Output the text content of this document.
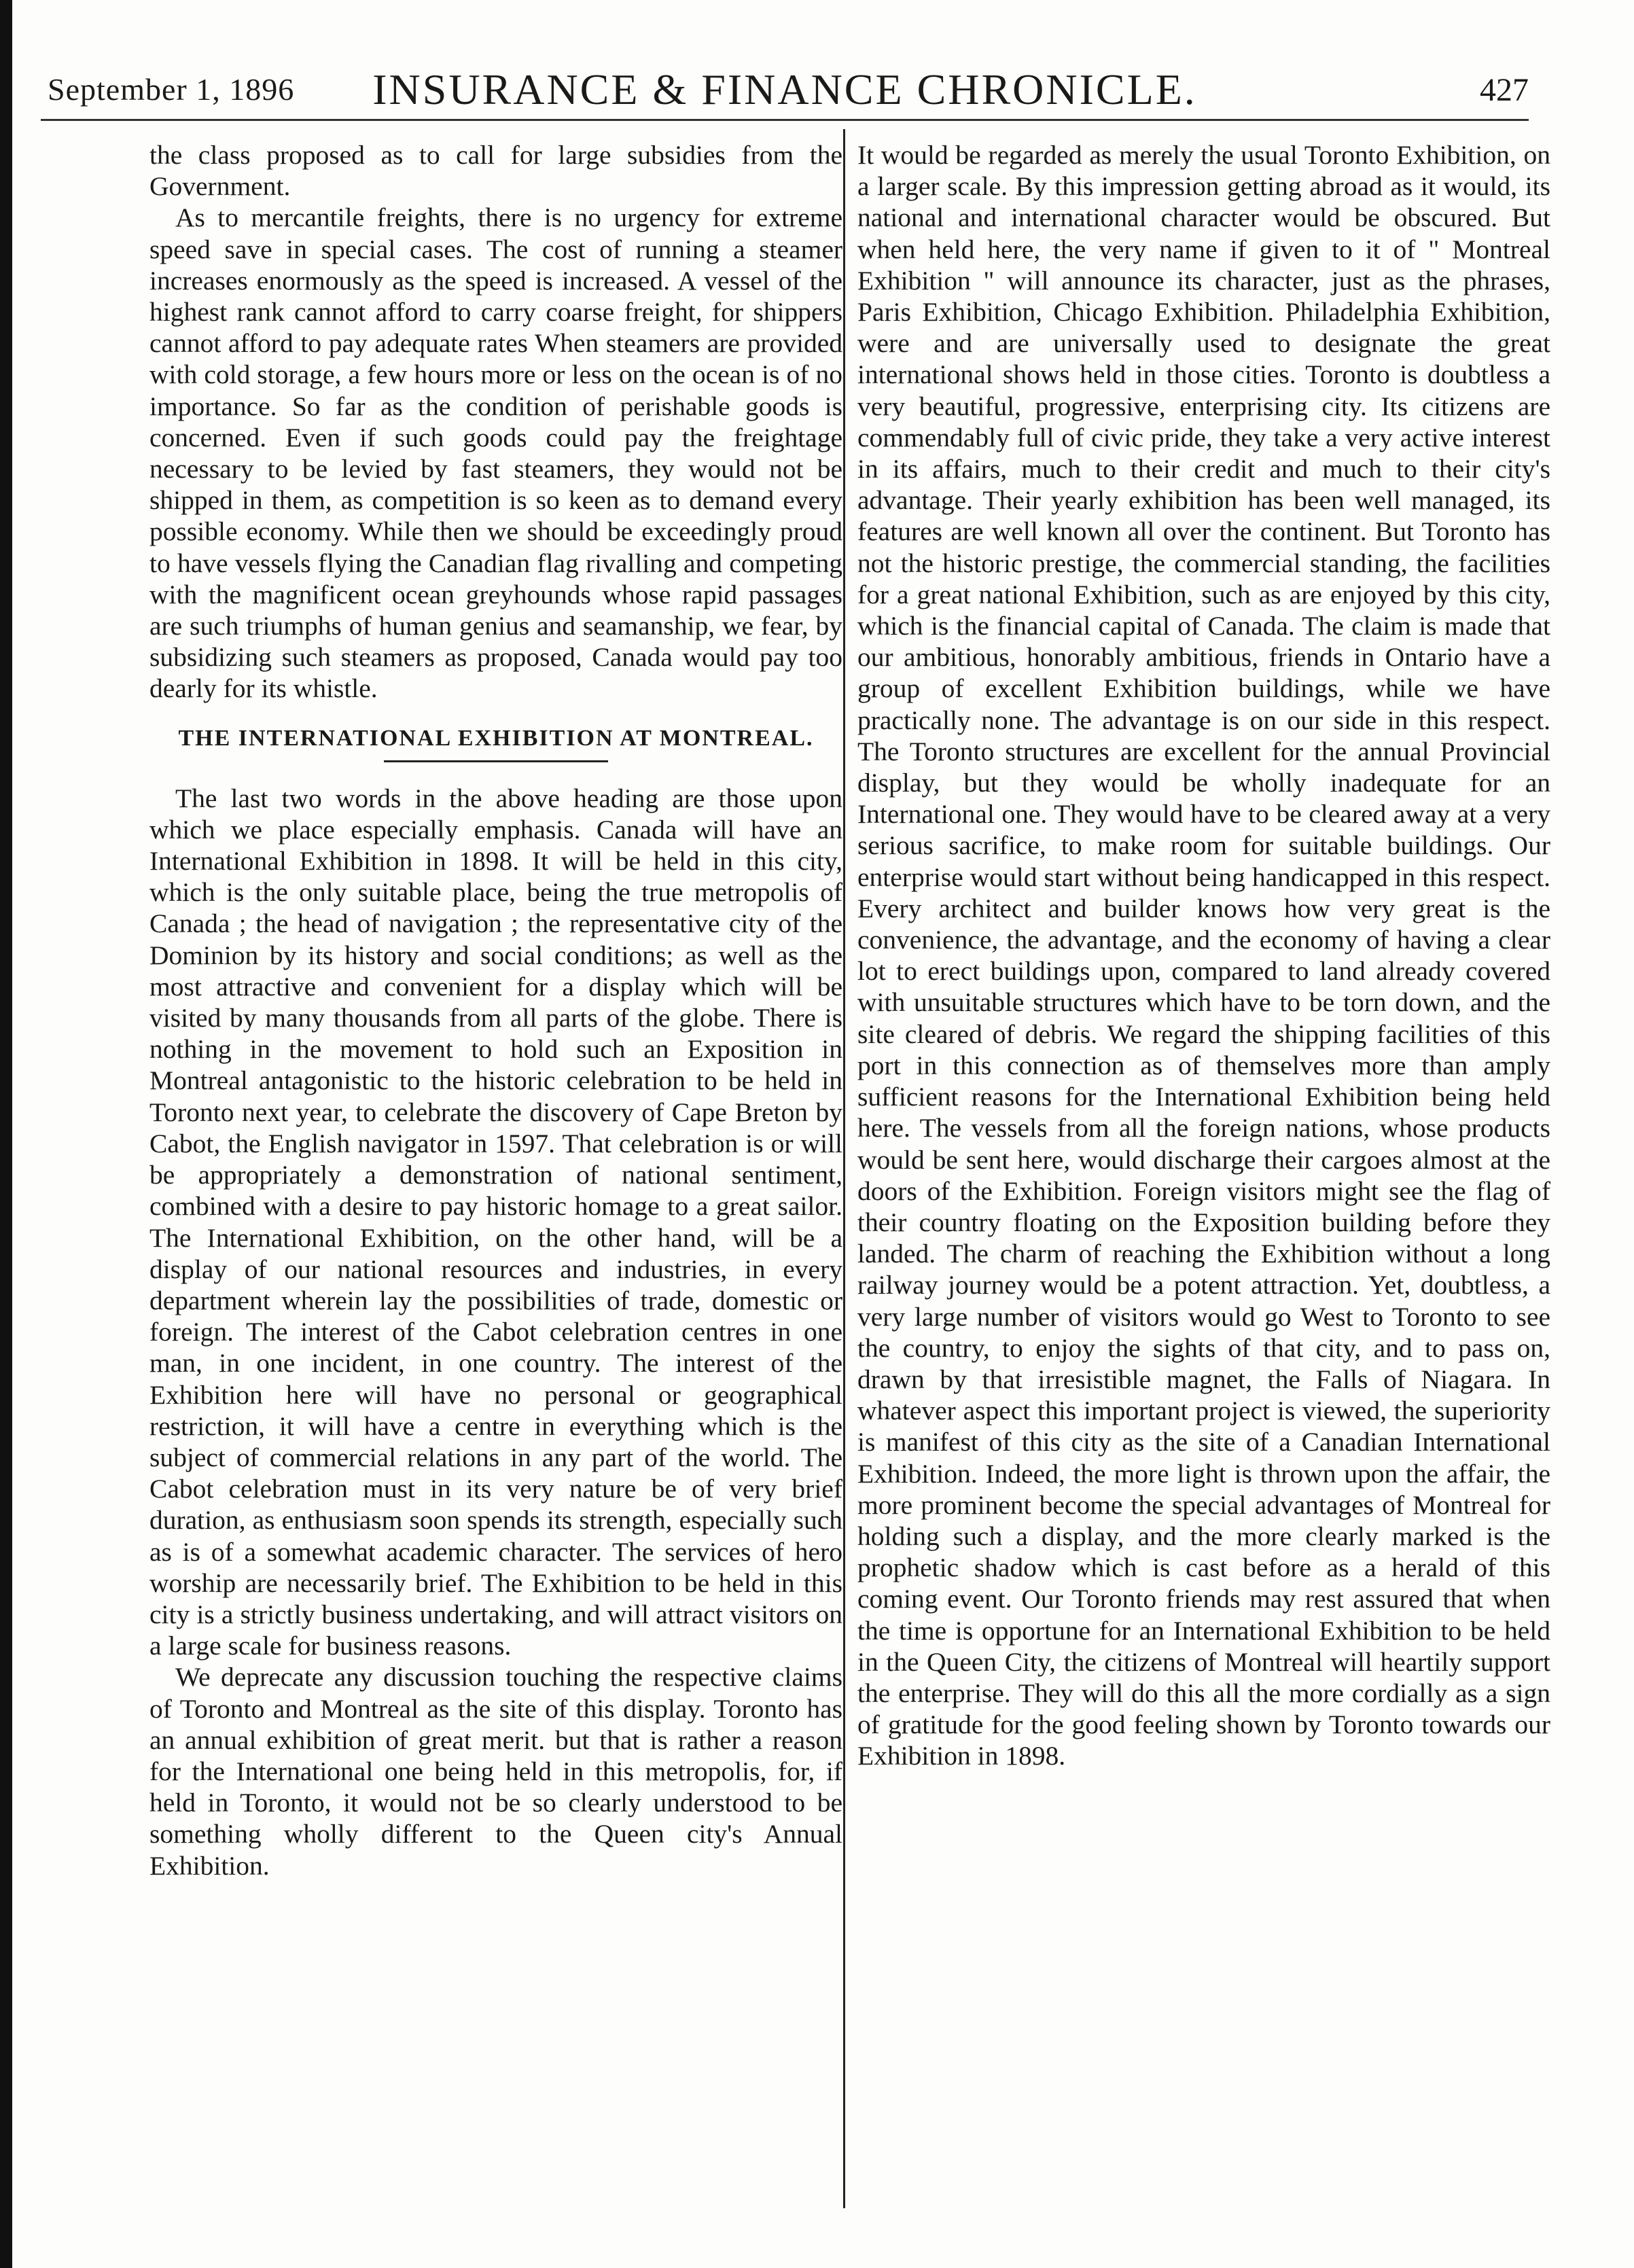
September 1, 1896	INSURANCE & FINANCE CHRONICLE.	427

the class proposed as to call for large subsidies from the Government.

As to mercantile freights, there is no urgency for extreme speed save in special cases. The cost of running a steamer increases enormously as the speed is increased. A vessel of the highest rank cannot afford to carry coarse freight, for shippers cannot afford to pay adequate rates When steamers are provided with cold storage, a few hours more or less on the ocean is of no importance. So far as the condition of perishable goods is concerned. Even if such goods could pay the freightage necessary to be levied by fast steamers, they would not be shipped in them, as competition is so keen as to demand every possible economy. While then we should be exceedingly proud to have vessels flying the Canadian flag rivalling and competing with the magnificent ocean greyhounds whose rapid passages are such triumphs of human genius and seamanship, we fear, by subsidizing such steamers as proposed, Canada would pay too dearly for its whistle.

THE INTERNATIONAL EXHIBITION AT MONTREAL.

The last two words in the above heading are those upon which we place especially emphasis. Canada will have an International Exhibition in 1898. It will be held in this city, which is the only suitable place, being the true metropolis of Canada ; the head of navigation ; the representative city of the Dominion by its history and social conditions; as well as the most attractive and convenient for a display which will be visited by many thousands from all parts of the globe. There is nothing in the movement to hold such an Exposition in Montreal antagonistic to the historic celebration to be held in Toronto next year, to celebrate the discovery of Cape Breton by Cabot, the English navigator in 1597. That celebration is or will be appropriately a demonstration of national sentiment, combined with a desire to pay historic homage to a great sailor. The International Exhibition, on the other hand, will be a display of our national resources and industries, in every department wherein lay the possibilities of trade, domestic or foreign. The interest of the Cabot celebration centres in one man, in one incident, in one country. The interest of the Exhibition here will have no personal or geographical restriction, it will have a centre in everything which is the subject of commercial relations in any part of the world. The Cabot celebration must in its very nature be of very brief duration, as enthusiasm soon spends its strength, especially such as is of a somewhat academic character. The services of hero worship are necessarily brief. The Exhibition to be held in this city is a strictly business undertaking, and will attract visitors on a large scale for business reasons.

We deprecate any discussion touching the respective claims of Toronto and Montreal as the site of this display. Toronto has an annual exhibition of great merit. but that is rather a reason for the International one being held in this metropolis, for, if held in Toronto, it would not be so clearly understood to be something wholly different to the Queen city's Annual Exhibition.

It would be regarded as merely the usual Toronto Exhibition, on a larger scale. By this impression getting abroad as it would, its national and international character would be obscured. But when held here, the very name if given to it of " Montreal Exhibition " will announce its character, just as the phrases, Paris Exhibition, Chicago Exhibition. Philadelphia Exhibition, were and are universally used to designate the great international shows held in those cities. Toronto is doubtless a very beautiful, progressive, enterprising city. Its citizens are commendably full of civic pride, they take a very active interest in its affairs, much to their credit and much to their city's advantage. Their yearly exhibition has been well managed, its features are well known all over the continent. But Toronto has not the historic prestige, the commercial standing, the facilities for a great national Exhibition, such as are enjoyed by this city, which is the financial capital of Canada. The claim is made that our ambitious, honorably ambitious, friends in Ontario have a group of excellent Exhibition buildings, while we have practically none. The advantage is on our side in this respect. The Toronto structures are excellent for the annual Provincial display, but they would be wholly inadequate for an International one. They would have to be cleared away at a very serious sacrifice, to make room for suitable buildings. Our enterprise would start without being handicapped in this respect. Every architect and builder knows how very great is the convenience, the advantage, and the economy of having a clear lot to erect buildings upon, compared to land already covered with unsuitable structures which have to be torn down, and the site cleared of debris. We regard the shipping facilities of this port in this connection as of themselves more than amply sufficient reasons for the International Exhibition being held here. The vessels from all the foreign nations, whose products would be sent here, would discharge their cargoes almost at the doors of the Exhibition. Foreign visitors might see the flag of their country floating on the Exposition building before they landed. The charm of reaching the Exhibition without a long railway journey would be a potent attraction. Yet, doubtless, a very large number of visitors would go West to Toronto to see the country, to enjoy the sights of that city, and to pass on, drawn by that irresistible magnet, the Falls of Niagara. In whatever aspect this important project is viewed, the superiority is manifest of this city as the site of a Canadian International Exhibition. Indeed, the more light is thrown upon the affair, the more prominent become the special advantages of Montreal for holding such a display, and the more clearly marked is the prophetic shadow which is cast before as a herald of this coming event. Our Toronto friends may rest assured that when the time is opportune for an International Exhibition to be held in the Queen City, the citizens of Montreal will heartily support the enterprise. They will do this all the more cordially as a sign of gratitude for the good feeling shown by Toronto towards our Exhibition in 1898.
